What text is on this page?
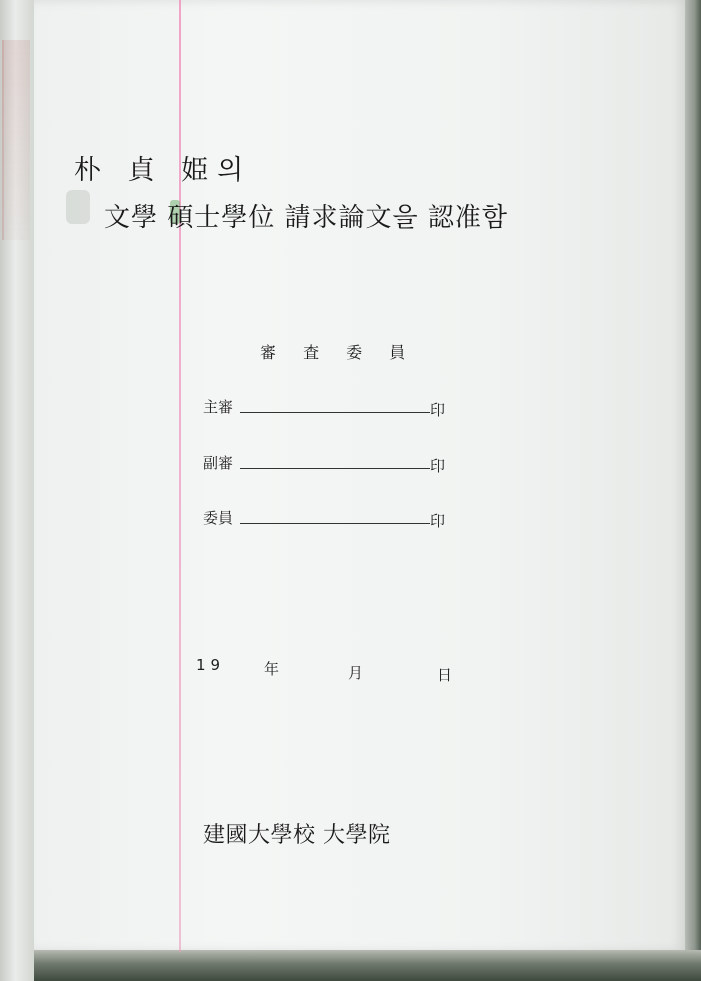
朴 貞 姫의
文學 碩士學位 請求論文을 認准함
審 査 委 員
主審	印
副審	印
委員	印
19	年	月	日
建國大學校 大學院
